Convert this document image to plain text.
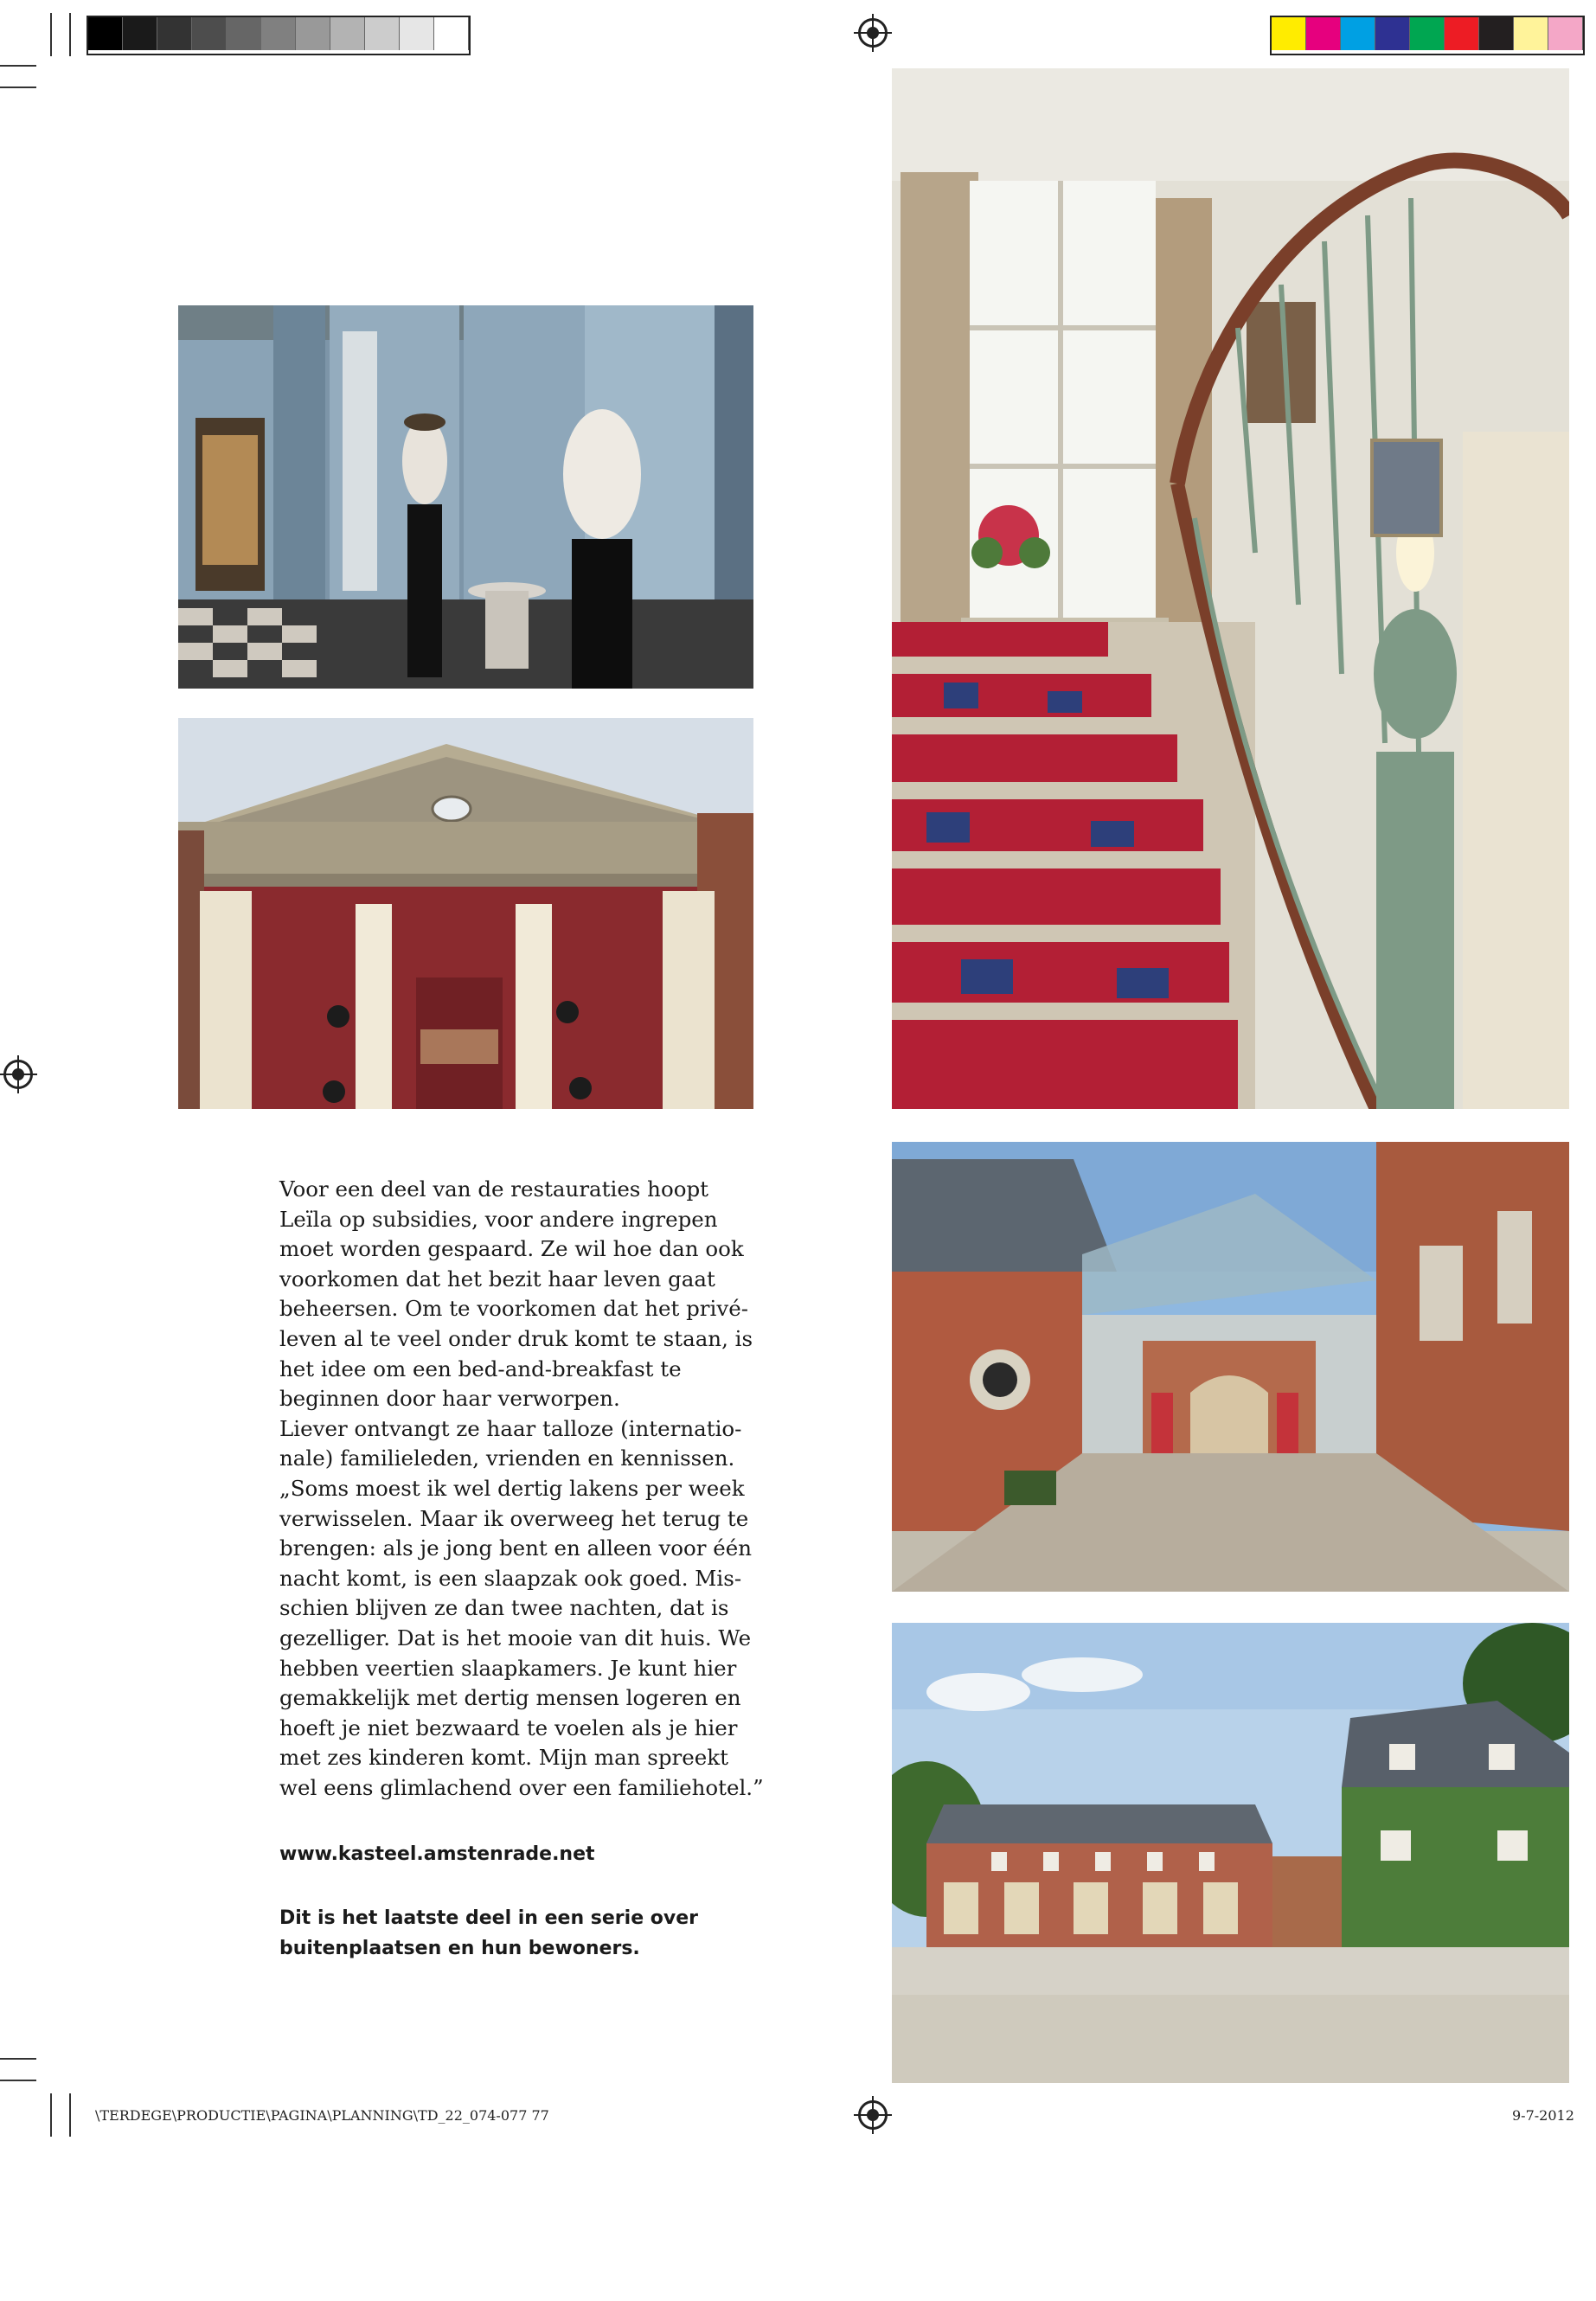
Voor een deel van de restauraties hoopt Leïla op subsidies, voor andere ingrepen moet worden gespaard. Ze wil hoe dan ook voorkomen dat het bezit haar leven gaat beheersen. Om te voorkomen dat het privé-leven al te veel onder druk komt te staan, is het idee om een bed-and-breakfast te beginnen door haar verworpen.

Liever ontvangt ze haar talloze (internationale) familieleden, vrienden en kennissen. „Soms moest ik wel dertig lakens per week verwisselen. Maar ik overweeg het terug te brengen: als je jong bent en alleen voor één nacht komt, is een slaapzak ook goed. Misschien blijven ze dan twee nachten, dat is gezelliger. Dat is het mooie van dit huis. We hebben veertien slaapkamers. Je kunt hier gemakkelijk met dertig mensen logeren en hoeft je niet bezwaard te voelen als je hier met zes kinderen komt. Mijn man spreekt wel eens glimlachend over een familiehotel.”

www.kasteel.amstenrade.net
Dit is het laatste deel in een serie over buitenplaatsen en hun bewoners.
\TERDEGE\PRODUCTIE\PAGINA\PLANNING\TD_22_074-077 77	9-7-2012
